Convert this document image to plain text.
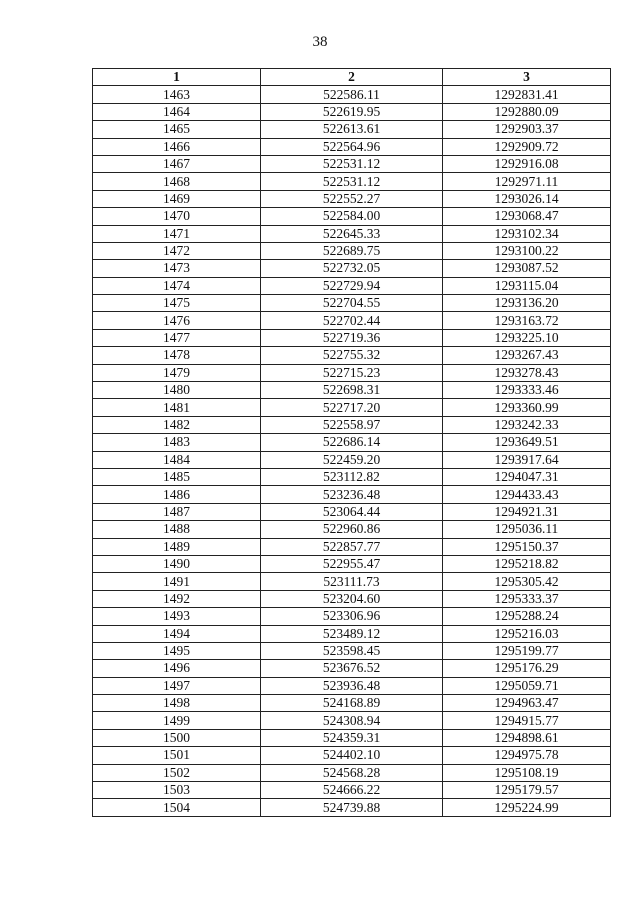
38
1	2	3
1463	522586.11	1292831.41
1464	522619.95	1292880.09
1465	522613.61	1292903.37
1466	522564.96	1292909.72
1467	522531.12	1292916.08
1468	522531.12	1292971.11
1469	522552.27	1293026.14
1470	522584.00	1293068.47
1471	522645.33	1293102.34
1472	522689.75	1293100.22
1473	522732.05	1293087.52
1474	522729.94	1293115.04
1475	522704.55	1293136.20
1476	522702.44	1293163.72
1477	522719.36	1293225.10
1478	522755.32	1293267.43
1479	522715.23	1293278.43
1480	522698.31	1293333.46
1481	522717.20	1293360.99
1482	522558.97	1293242.33
1483	522686.14	1293649.51
1484	522459.20	1293917.64
1485	523112.82	1294047.31
1486	523236.48	1294433.43
1487	523064.44	1294921.31
1488	522960.86	1295036.11
1489	522857.77	1295150.37
1490	522955.47	1295218.82
1491	523111.73	1295305.42
1492	523204.60	1295333.37
1493	523306.96	1295288.24
1494	523489.12	1295216.03
1495	523598.45	1295199.77
1496	523676.52	1295176.29
1497	523936.48	1295059.71
1498	524168.89	1294963.47
1499	524308.94	1294915.77
1500	524359.31	1294898.61
1501	524402.10	1294975.78
1502	524568.28	1295108.19
1503	524666.22	1295179.57
1504	524739.88	1295224.99
